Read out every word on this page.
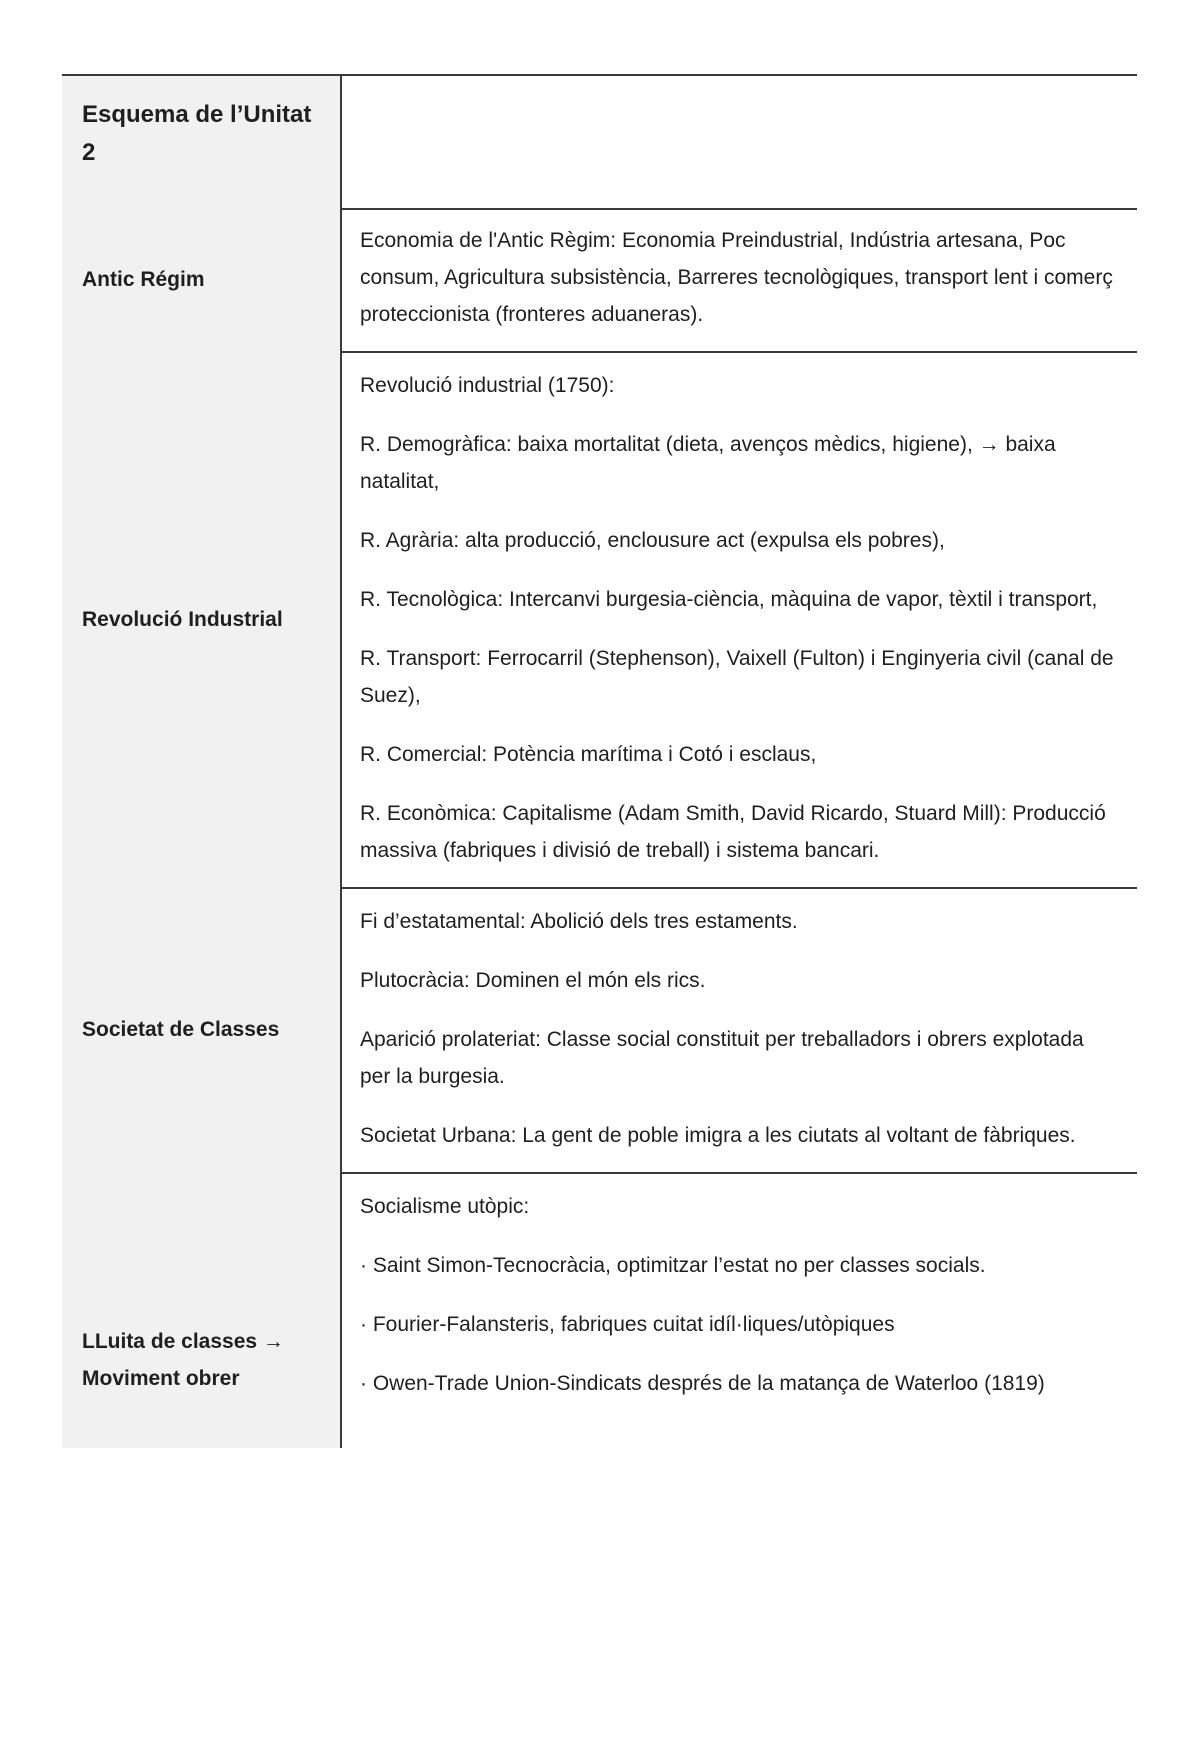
Esquema de l’Unitat 2
Antic Régim

Economia de l'Antic Règim: Economia Preindustrial, Indústria artesana, Poc consum, Agricultura subsistència, Barreres tecnològiques, transport lent i comerç proteccionista (fronteres aduaneras).

Revolució Industrial

Revolució industrial (1750):

R. Demogràfica: baixa mortalitat (dieta, avenços mèdics, higiene), → baixa natalitat,

R. Agrària: alta producció, enclousure act (expulsa els pobres),

R. Tecnològica: Intercanvi burgesia-ciència, màquina de vapor, tèxtil i transport,

R. Transport: Ferrocarril (Stephenson), Vaixell (Fulton) i Enginyeria civil (canal de Suez),

R. Comercial: Potència marítima i Cotó i esclaus,

R. Econòmica: Capitalisme (Adam Smith, David Ricardo, Stuard Mill): Producció massiva (fabriques i divisió de treball) i sistema bancari.

Societat de Classes

Fi d’estatamental: Abolició dels tres estaments.

Plutocràcia: Dominen el món els rics.

Aparició prolateriat: Classe social constituit per treballadors i obrers explotada per la burgesia.

Societat Urbana: La gent de poble imigra a les ciutats al voltant de fàbriques.

LLuita de classes → Moviment obrer

Socialisme utòpic:

· Saint Simon-Tecnocràcia, optimitzar l’estat no per classes socials.

· Fourier-Falansteris, fabriques cuitat idíl·liques/utòpiques

· Owen-Trade Union-Sindicats després de la matança de Waterloo (1819)
